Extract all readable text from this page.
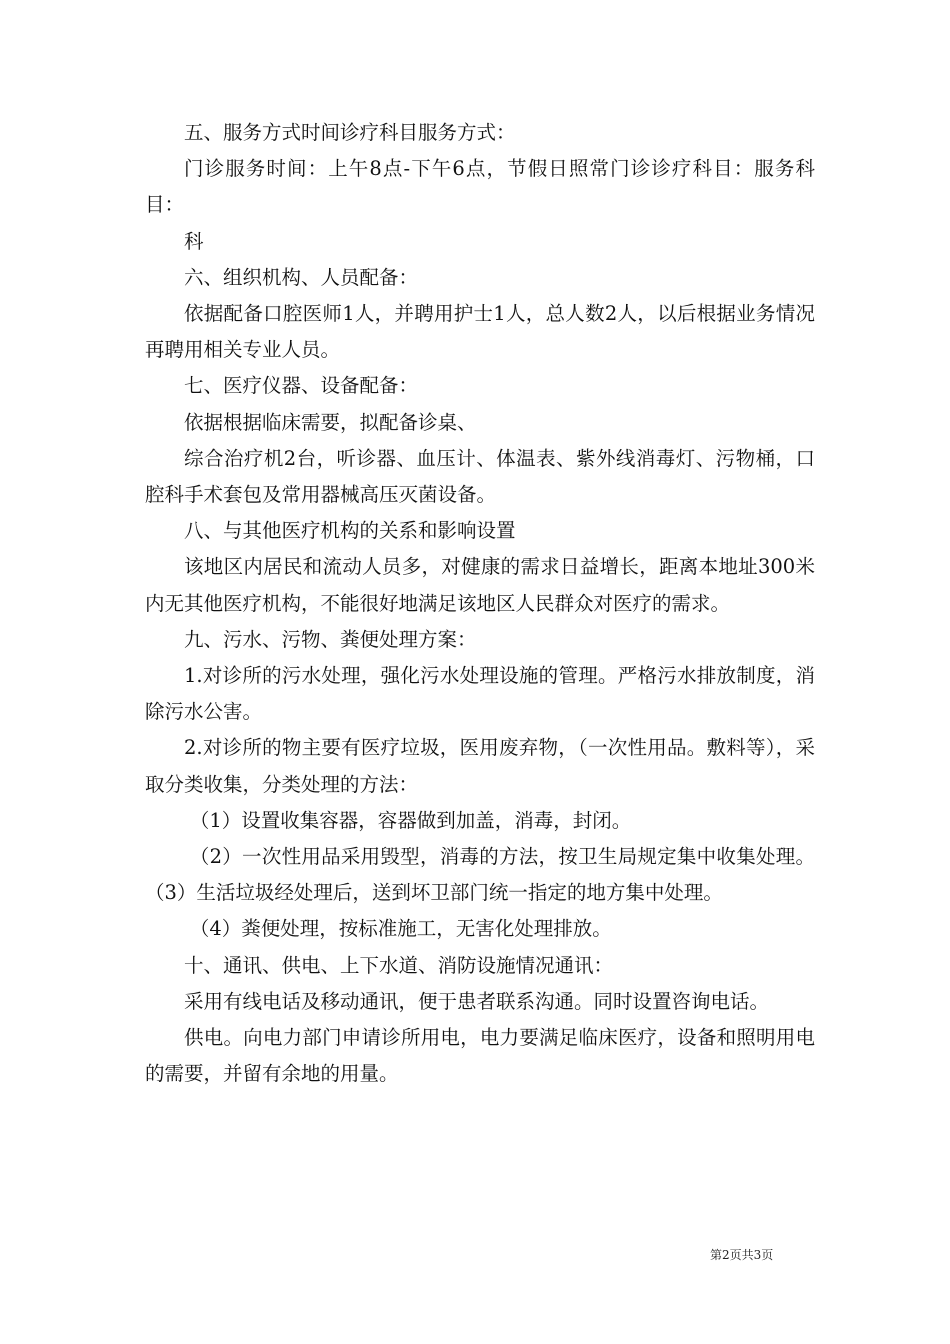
五、服务方式时间诊疗科目服务方式：

门诊服务时间：上午8点-下午6点，节假日照常门诊诊疗科目：服务科目：

科

六、组织机构、人员配备：

依据配备口腔医师1人，并聘用护士1人，总人数2人，以后根据业务情况再聘用相关专业人员。

七、医疗仪器、设备配备：

依据根据临床需要，拟配备诊桌、

综合治疗机2台，听诊器、血压计、体温表、紫外线消毒灯、污物桶，口腔科手术套包及常用器械高压灭菌设备。

八、与其他医疗机构的关系和影响设置

该地区内居民和流动人员多，对健康的需求日益增长，距离本地址300米内无其他医疗机构，不能很好地满足该地区人民群众对医疗的需求。

九、污水、污物、粪便处理方案：

1.对诊所的污水处理，强化污水处理设施的管理。严格污水排放制度，消除污水公害。

2.对诊所的物主要有医疗垃圾，医用废弃物，（一次性用品。敷料等），采取分类收集，分类处理的方法：

（1）设置收集容器，容器做到加盖，消毒，封闭。

（2）一次性用品采用毁型，消毒的方法，按卫生局规定集中收集处理。（3）生活垃圾经处理后，送到坏卫部门统一指定的地方集中处理。

（4）粪便处理，按标准施工，无害化处理排放。

十、通讯、供电、上下水道、消防设施情况通讯：

采用有线电话及移动通讯，便于患者联系沟通。同时设置咨询电话。

供电。向电力部门申请诊所用电，电力要满足临床医疗，设备和照明用电的需要，并留有余地的用量。

第2页共3页
